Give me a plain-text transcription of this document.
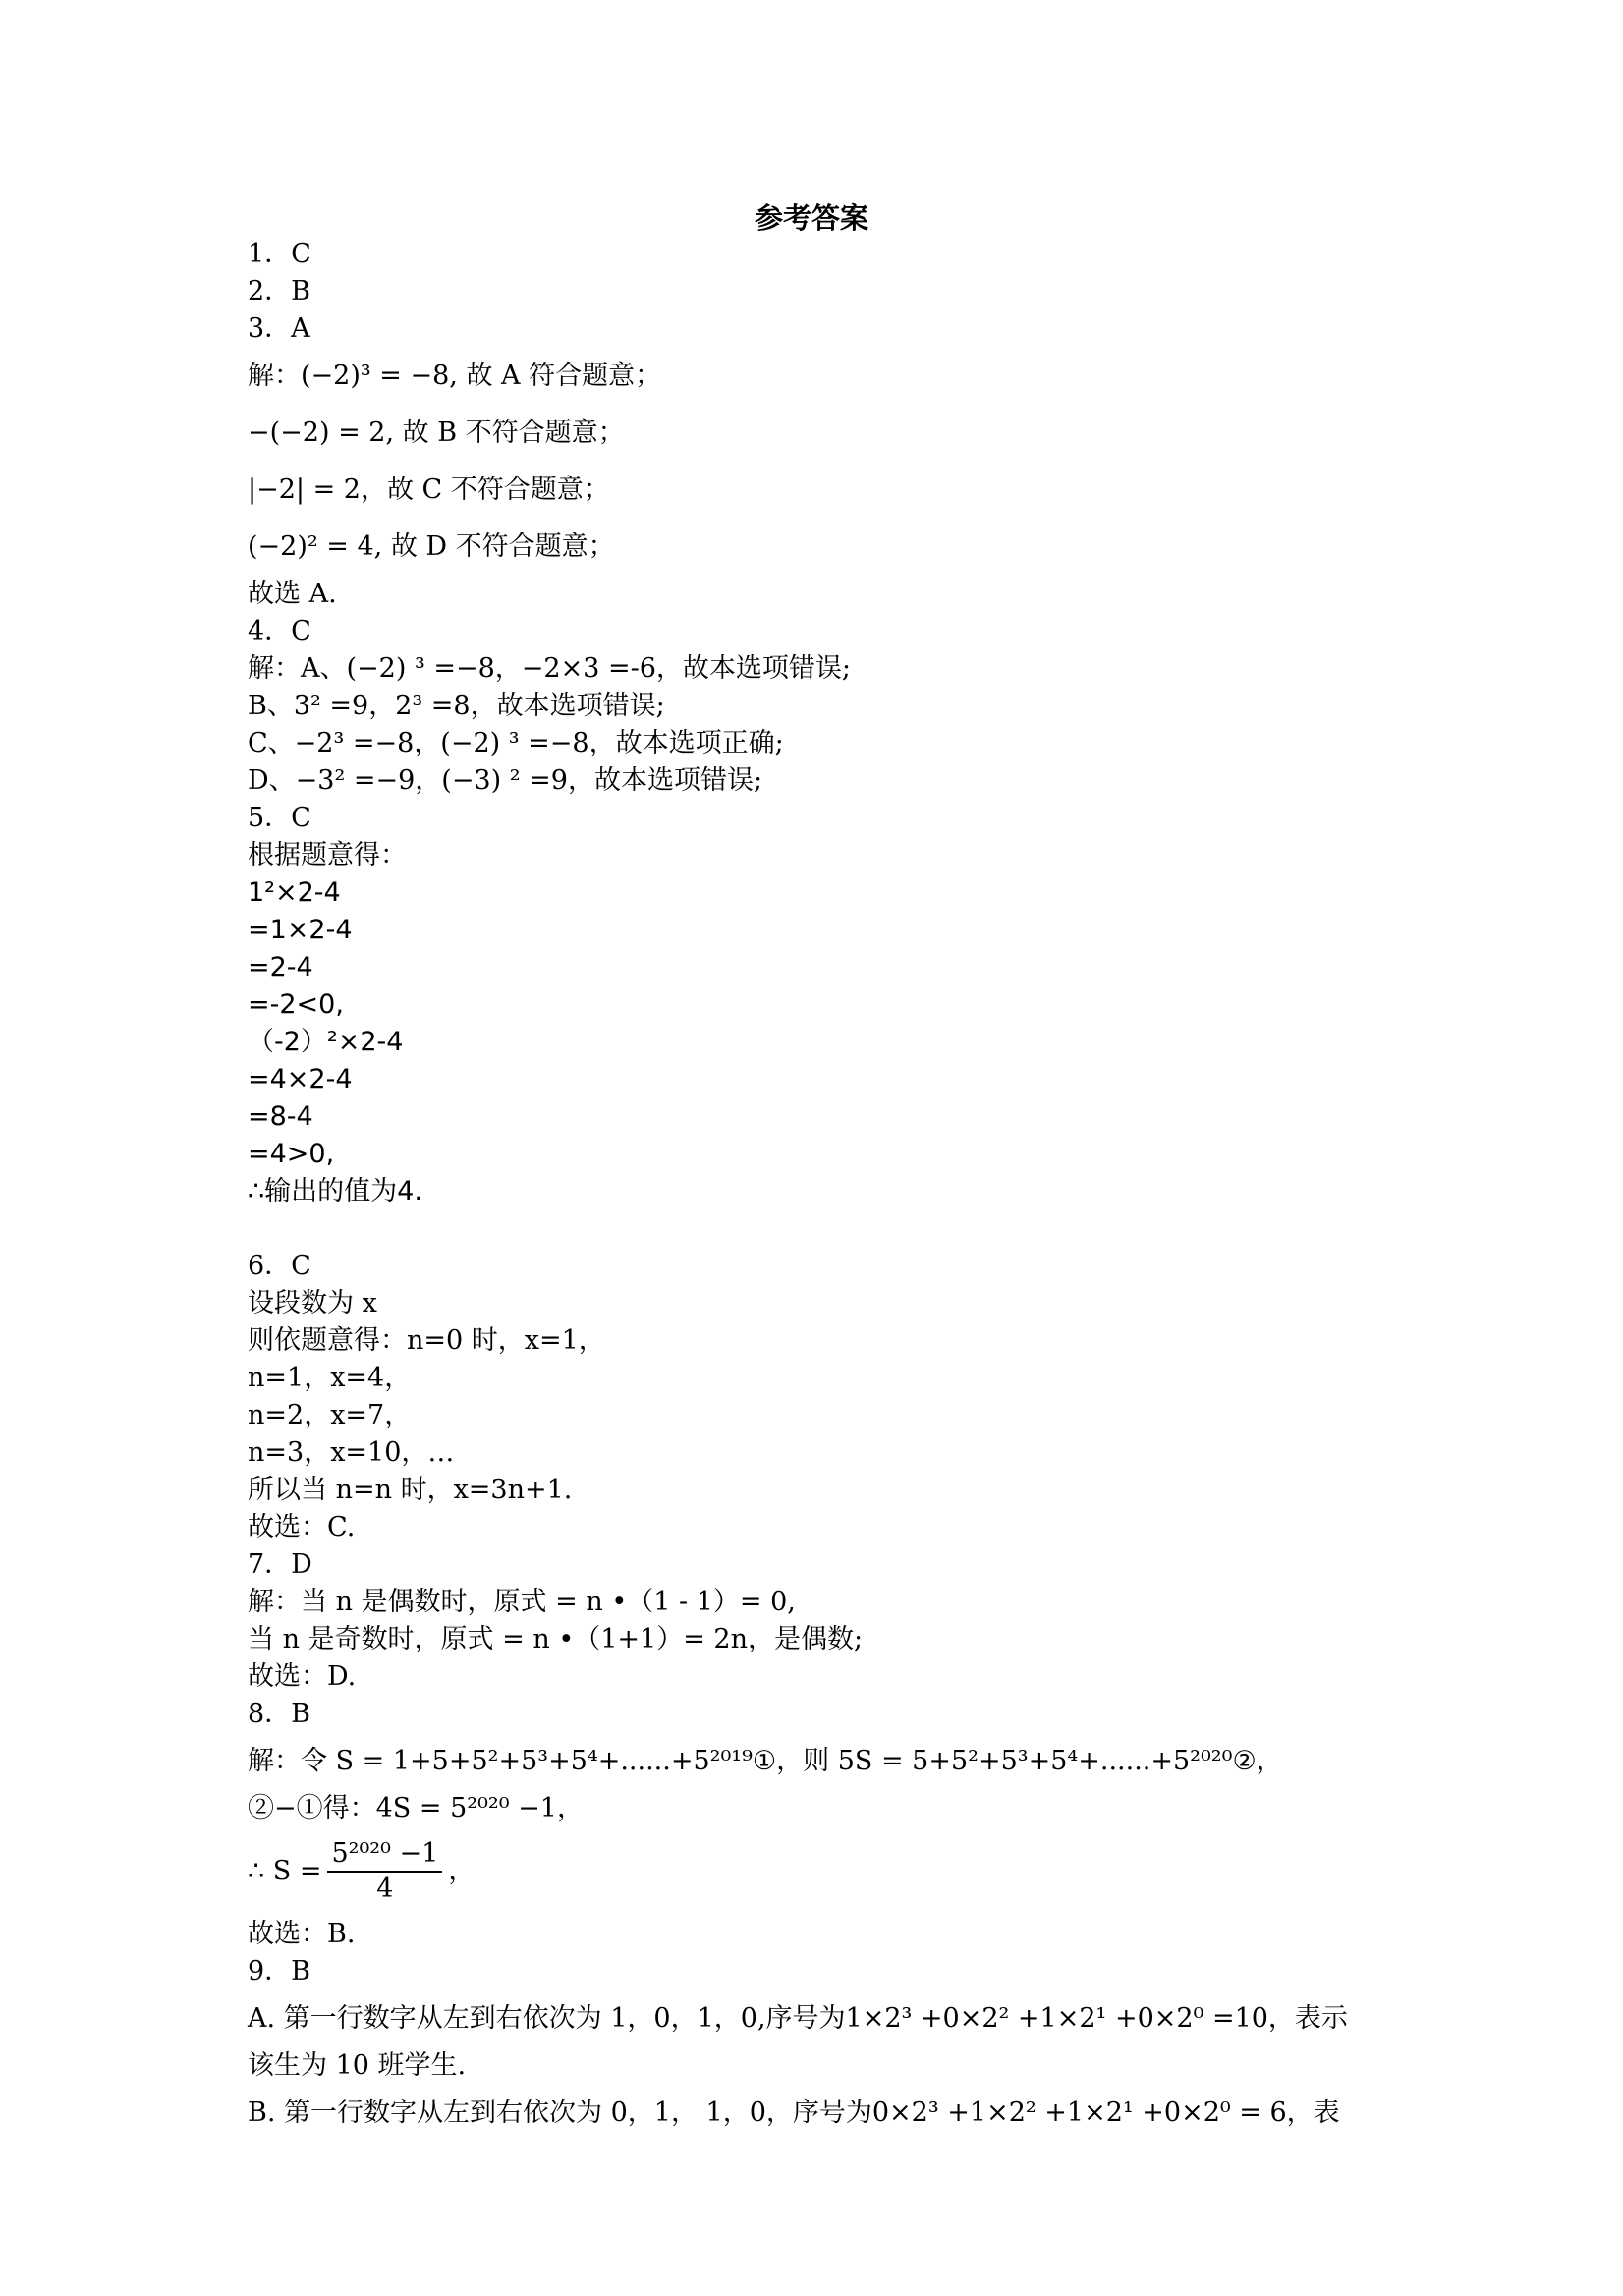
参考答案
1．C
2．B
3．A
解：(−2)³ = −8, 故 A 符合题意；
−(−2) = 2, 故 B 不符合题意；
|−2| = 2，故 C 不符合题意；
(−2)² = 4, 故 D 不符合题意；
故选 A.
4．C
解：A、(−2) ³ =−8，−2×3 =-6，故本选项错误;
B、3² =9，2³ =8，故本选项错误;
C、−2³ =−8，(−2) ³ =−8，故本选项正确;
D、−3² =−9，(−3) ² =9，故本选项错误;
5．C
根据题意得：
1²×2-4
=1×2-4
=2-4
=-2<0,
（-2）²×2-4
=4×2-4
=8-4
=4>0,
∴输出的值为4.
6．C
设段数为 x
则依题意得：n=0 时，x=1，
n=1，x=4，
n=2，x=7，
n=3，x=10，…
所以当 n=n 时，x=3n+1.
故选：C.
7．D
解：当 n 是偶数时，原式 = n •（1 - 1）= 0,
当 n 是奇数时，原式 = n •（1+1）= 2n，是偶数;
故选：D.
8．B
解：令 S = 1+5+5²+5³+5⁴+......+5²⁰¹⁹①，则 5S = 5+5²+5³+5⁴+......+5²⁰²⁰②，
②−①得：4S = 5²⁰²⁰ −1，
∴ $S = \frac{\text{5²⁰²⁰ −1}}{4}$ ，
故选：B.
9．B
A. 第一行数字从左到右依次为 1，0，1，0,序号为1×2³ +0×2² +1×2¹ +0×2⁰ =10，表示
该生为 10 班学生.
B. 第一行数字从左到右依次为 0，1， 1，0，序号为0×2³ +1×2² +1×2¹ +0×2⁰ = 6，表
